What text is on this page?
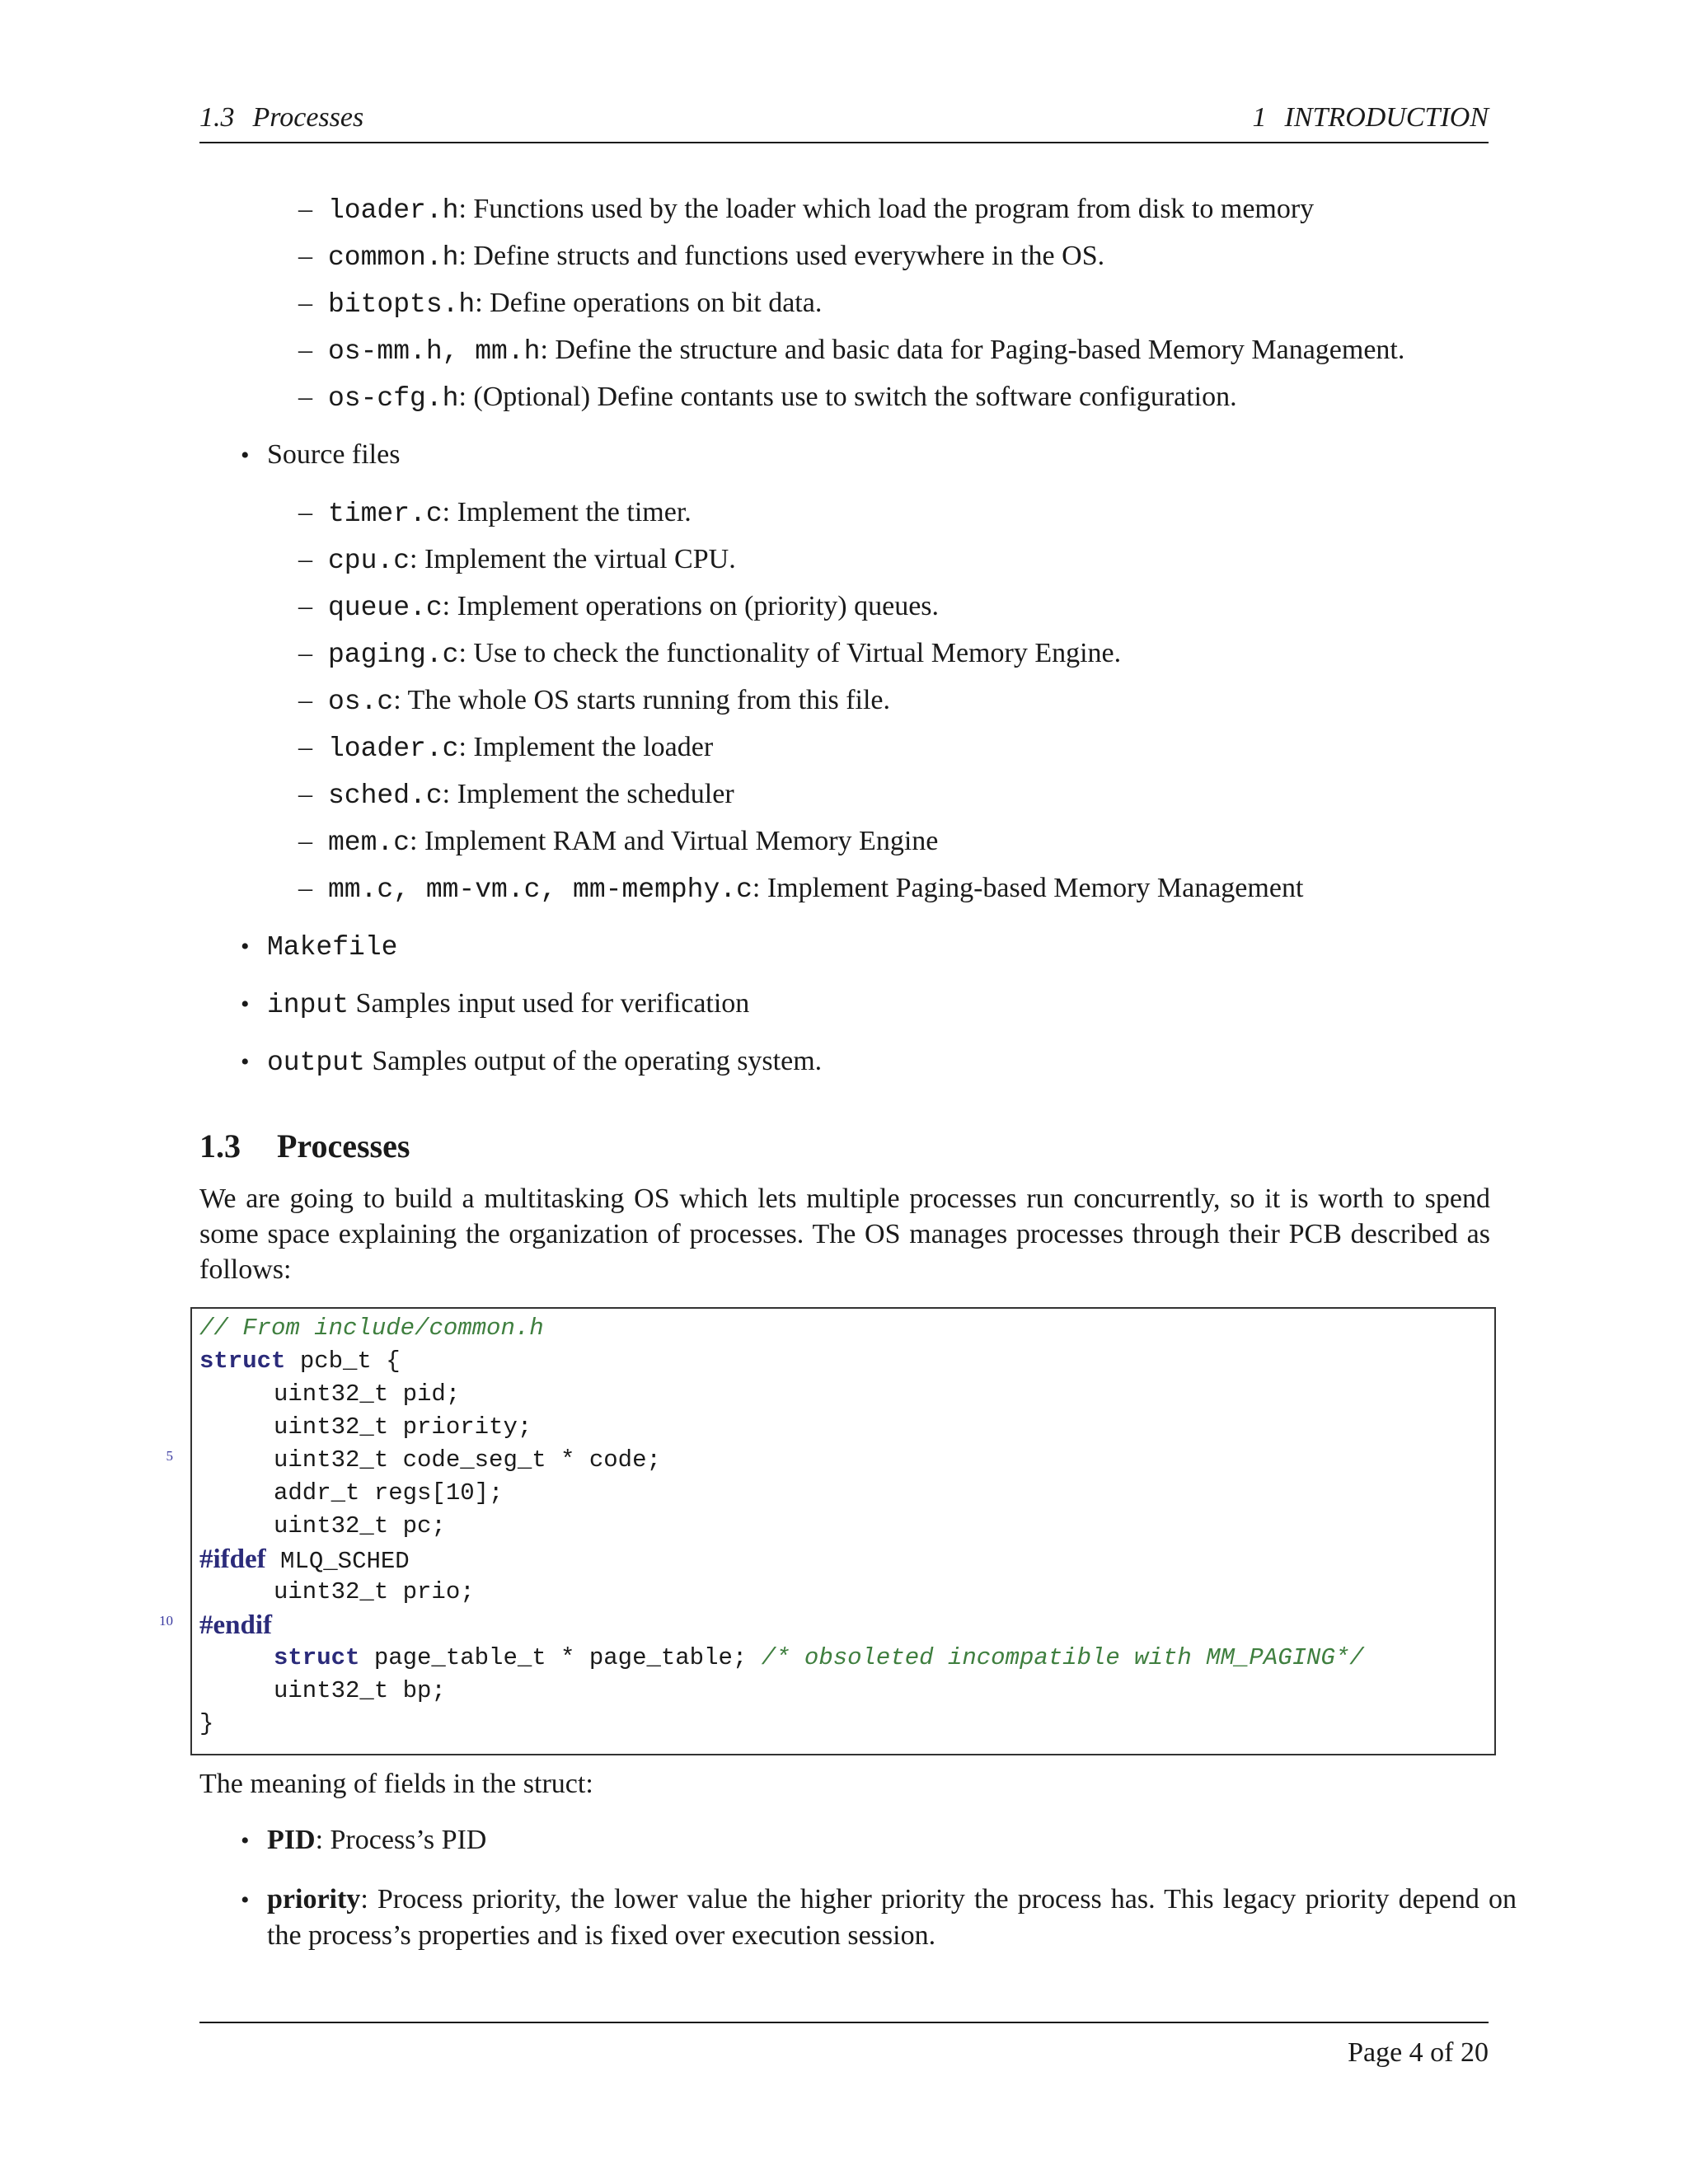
1.3 Processes	1 INTRODUCTION
– loader.h: Functions used by the loader which load the program from disk to memory
– common.h: Define structs and functions used everywhere in the OS.
– bitopts.h: Define operations on bit data.
– os-mm.h, mm.h: Define the structure and basic data for Paging-based Memory Management.
– os-cfg.h: (Optional) Define contants use to switch the software configuration.
• Source files
– timer.c: Implement the timer.
– cpu.c: Implement the virtual CPU.
– queue.c: Implement operations on (priority) queues.
– paging.c: Use to check the functionality of Virtual Memory Engine.
– os.c: The whole OS starts running from this file.
– loader.c: Implement the loader
– sched.c: Implement the scheduler
– mem.c: Implement RAM and Virtual Memory Engine
– mm.c, mm-vm.c, mm-memphy.c: Implement Paging-based Memory Management
• Makefile
• input Samples input used for verification
• output Samples output of the operating system.
1.3 Processes
We are going to build a multitasking OS which lets multiple processes run concurrently, so it is worth to spend some space explaining the organization of processes. The OS manages processes through their PCB described as follows:
// From include/common.h
struct pcb_t {
uint32_t pid;
uint32_t priority;
5	uint32_t code_seg_t * code;
addr_t regs[10];
uint32_t pc;
#ifdef MLQ_SCHED
uint32_t prio;
10 #endif
struct page_table_t * page_table; /* obsoleted incompatible with MM_PAGING*/
uint32_t bp;
}
The meaning of fields in the struct:
• PID: Process’s PID
• priority: Process priority, the lower value the higher priority the process has. This legacy priority depend on the process’s properties and is fixed over execution session.
Page 4 of 20
